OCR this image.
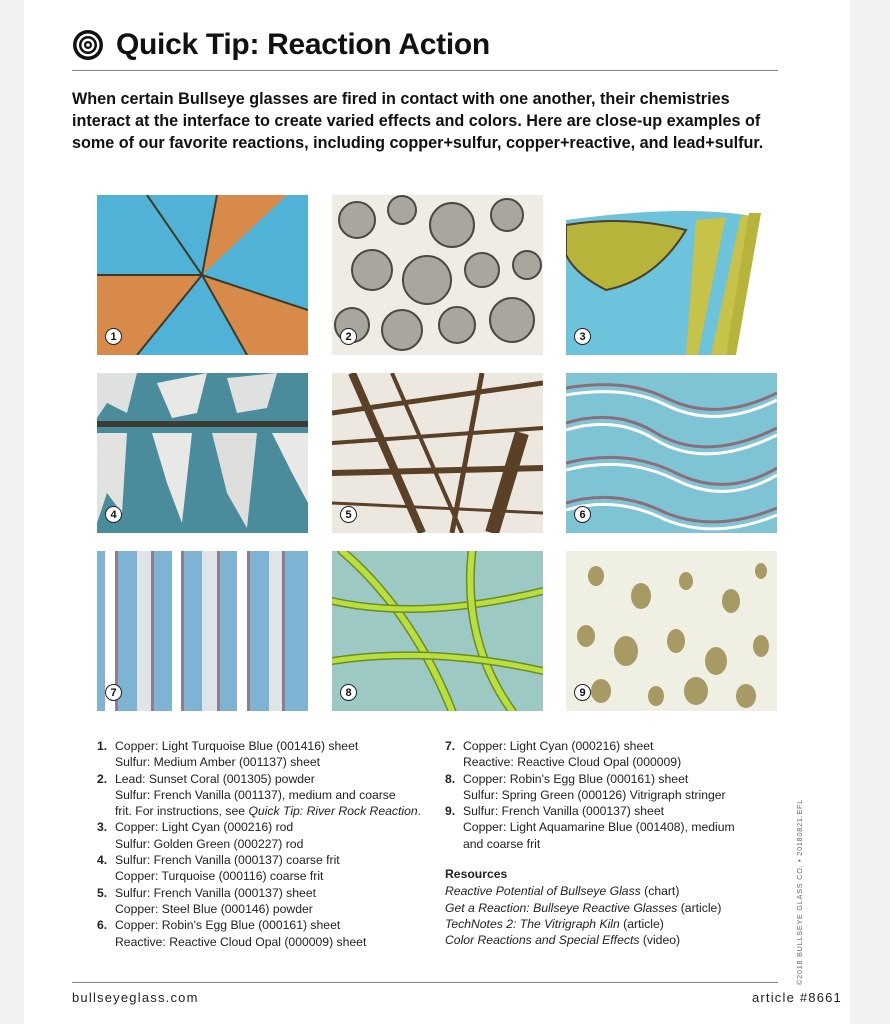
Quick Tip: Reaction Action

When certain Bullseye glasses are fired in contact with one another, their chemistries interact at the interface to create varied effects and colors. Here are close-up examples of some of our favorite reactions, including copper+sulfur, copper+reactive, and lead+sulfur.

1	2	3
4	5	6
7	8	9
1. Copper: Light Turquoise Blue (001416) sheet
Sulfur: Medium Amber (001137) sheet
2. Lead: Sunset Coral (001305) powder
Sulfur: French Vanilla (001137), medium and coarse
frit. For instructions, see Quick Tip: River Rock Reaction.
3. Copper: Light Cyan (000216) rod
Sulfur: Golden Green (000227) rod
4. Sulfur: French Vanilla (000137) coarse frit
Copper: Turquoise (000116) coarse frit
5. Sulfur: French Vanilla (000137) sheet
Copper: Steel Blue (000146) powder
6. Copper: Robin's Egg Blue (000161) sheet
Reactive: Reactive Cloud Opal (000009) sheet
7. Copper: Light Cyan (000216) sheet
Reactive: Reactive Cloud Opal (000009)
8. Copper: Robin's Egg Blue (000161) sheet
Sulfur: Spring Green (000126) Vitrigraph stringer
9. Sulfur: French Vanilla (000137) sheet
Copper: Light Aquamarine Blue (001408), medium
and coarse frit
Resources
Reactive Potential of Bullseye Glass (chart)
Get a Reaction: Bullseye Reactive Glasses (article)
TechNotes 2: The Vitrigraph Kiln (article)
Color Reactions and Special Effects (video)
bullseyeglass.com	article #8661
©2018 BULLSEYE GLASS CO. • 20180821.EFL
